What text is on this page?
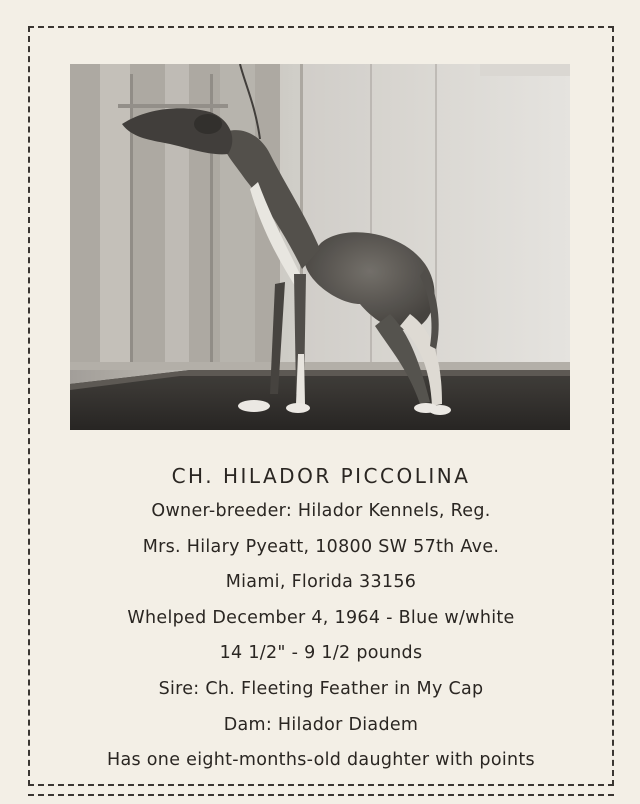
CH. HILADOR PICCOLINA

Owner-breeder: Hilador Kennels, Reg.

Mrs. Hilary Pyeatt, 10800 SW 57th Ave.

Miami, Florida 33156

Whelped December 4, 1964 - Blue w/white

14 1/2" - 9 1/2 pounds

Sire: Ch. Fleeting Feather in My Cap

Dam: Hilador Diadem

Has one eight-months-old daughter with points
